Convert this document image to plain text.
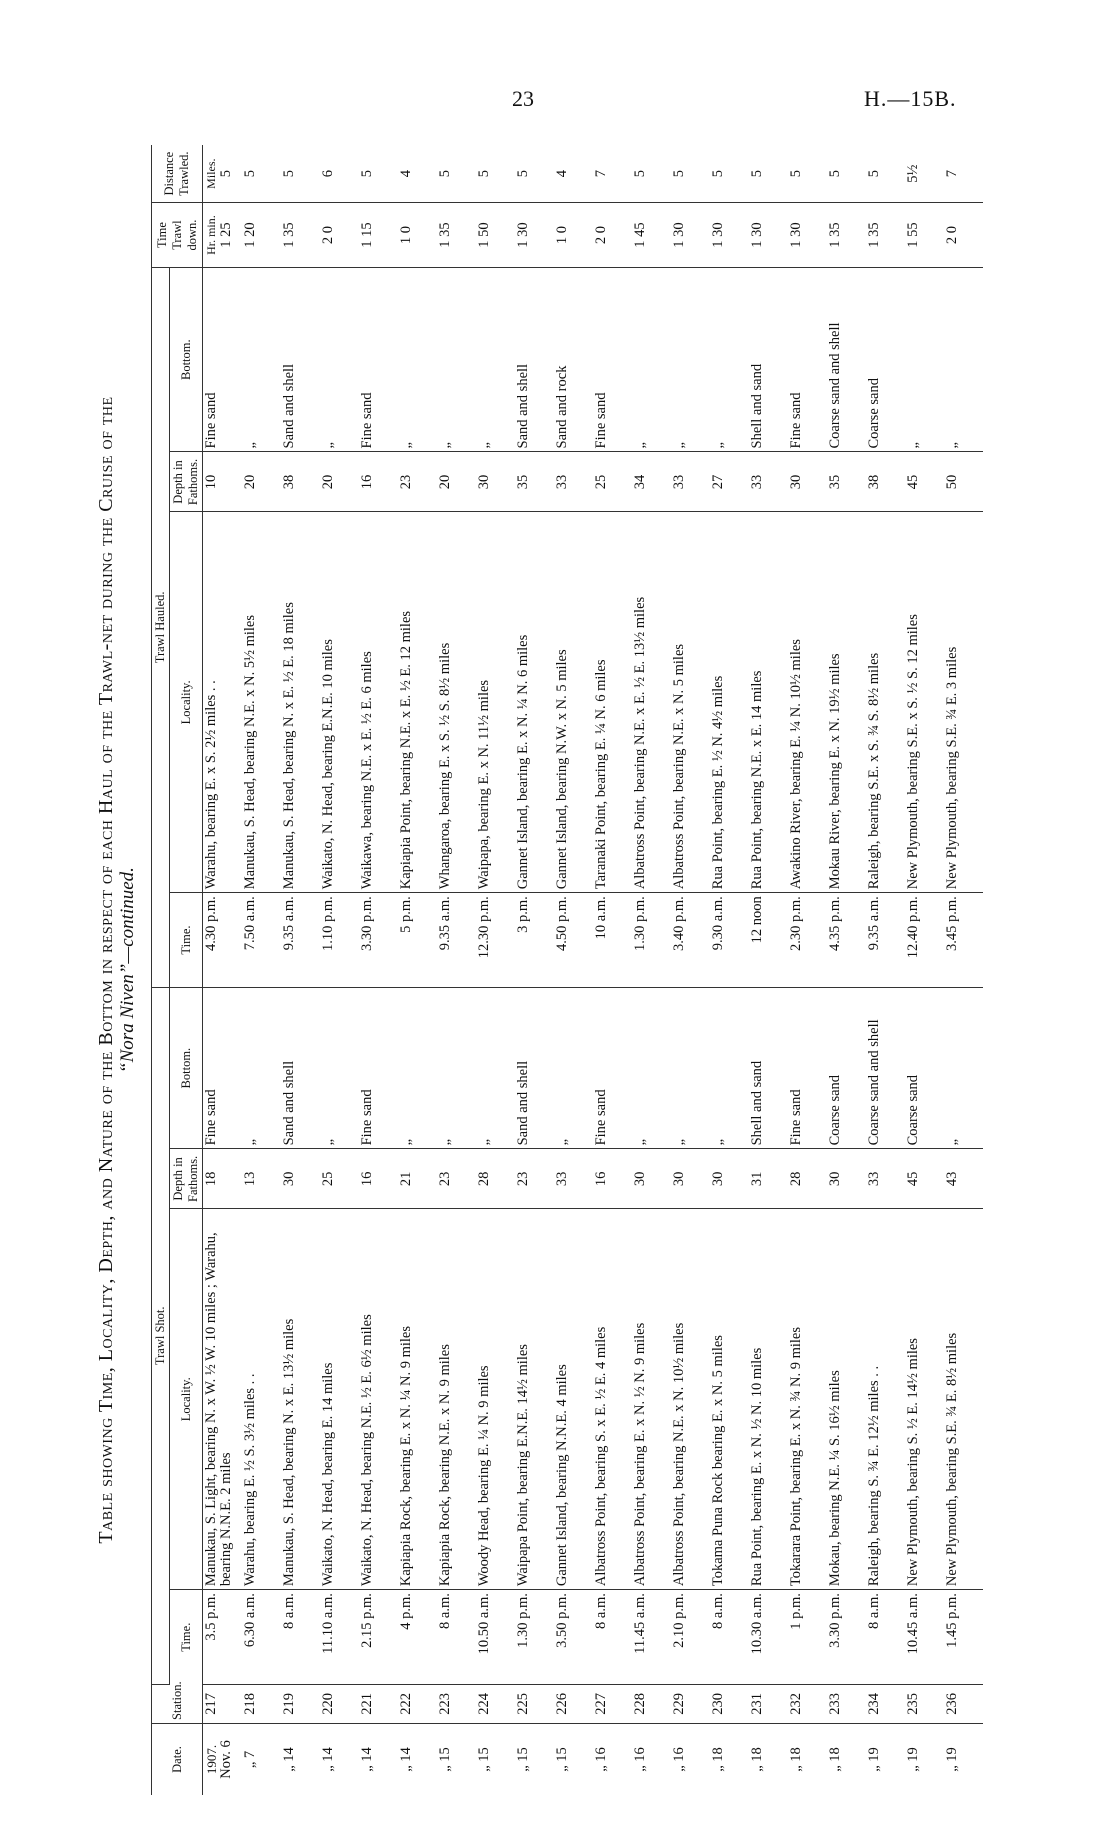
23	H.—15B.
Table showing Time, Locality, Depth, and Nature of the Bottom in respect of each Haul of the Trawl-net during the Cruise of the “Nora Niven”—continued.
Date.	Station.	Trawl Shot.				Trawl Hauled.				Time Trawl down.	Distance Trawled.
		Time.	Locality.	Depth in Fathoms.	Bottom.	Time.	Locality.	Depth in Fathoms.	Bottom.		

1907. Nov. 6	217	3.5 p.m.	Manukau, S. Light, bearing N. x W. ½ W. 10 miles ; Warahu, bearing N.N.E. 2 miles	18	Fine sand	4.30 p.m.	Warahu, bearing E. x S. 2½ miles . .	10	Fine sand	Hr. min. 1 25	Miles. 5
„ 7	218	6.30 a.m.	Warahu, bearing E. ½ S. 3½ miles . .	13	„	7.50 a.m.	Manukau, S. Head, bearing N.E. x N. 5½ miles	20	„	1 20	5
„ 14	219	8 a.m.	Manukau, S. Head, bearing N. x E. 13½ miles	30	Sand and shell	9.35 a.m.	Manukau, S. Head, bearing N. x E. ½ E. 18 miles	38	Sand and shell	1 35	5
„ 14	220	11.10 a.m.	Waikato, N. Head, bearing E. 14 miles	25	„	1.10 p.m.	Waikato, N. Head, bearing E.N.E. 10 miles	20	„	2 0	6
„ 14	221	2.15 p.m.	Waikato, N. Head, bearing N.E. ½ E. 6½ miles	16	Fine sand	3.30 p.m.	Waikawa, bearing N.E. x E. ½ E. 6 miles	16	Fine sand	1 15	5
„ 14	222	4 p.m.	Kapiapia Rock, bearing E. x N. ¼ N. 9 miles	21	„	5 p.m.	Kapiapia Point, bearing N.E. x E. ½ E. 12 miles	23	„	1 0	4
„ 15	223	8 a.m.	Kapiapia Rock, bearing N.E. x N. 9 miles	23	„	9.35 a.m.	Whangaroa, bearing E. x S. ½ S. 8½ miles	20	„	1 35	5
„ 15	224	10.50 a.m.	Woody Head, bearing E. ¼ N. 9 miles	28	„	12.30 p.m.	Waipapa, bearing E. x N. 11½ miles	30	„	1 50	5
„ 15	225	1.30 p.m.	Waipapa Point, bearing E.N.E. 14½ miles	23	Sand and shell	3 p.m.	Gannet Island, bearing E. x N. ¼ N. 6 miles	35	Sand and shell	1 30	5
„ 15	226	3.50 p.m.	Gannet Island, bearing N.N.E. 4 miles	33	„	4.50 p.m.	Gannet Island, bearing N.W. x N. 5 miles	33	Sand and rock	1 0	4
„ 16	227	8 a.m.	Albatross Point, bearing S. x E. ½ E. 4 miles	16	Fine sand	10 a.m.	Taranaki Point, bearing E. ¼ N. 6 miles	25	Fine sand	2 0	7
„ 16	228	11.45 a.m.	Albatross Point, bearing E. x N. ½ N. 9 miles	30	„	1.30 p.m.	Albatross Point, bearing N.E. x E. ½ E. 13½ miles	34	„	1 45	5
„ 16	229	2.10 p.m.	Albatross Point, bearing N.E. x N. 10½ miles	30	„	3.40 p.m.	Albatross Point, bearing N.E. x N. 5 miles	33	„	1 30	5
„ 18	230	8 a.m.	Tokama Puna Rock bearing E. x N. 5 miles	30	„	9.30 a.m.	Rua Point, bearing E. ½ N. 4½ miles	27	„	1 30	5
„ 18	231	10.30 a.m.	Rua Point, bearing E. x N. ½ N. 10 miles	31	Shell and sand	12 noon	Rua Point, bearing N.E. x E. 14 miles	33	Shell and sand	1 30	5
„ 18	232	1 p.m.	Tokarara Point, bearing E. x N. ¾ N. 9 miles	28	Fine sand	2.30 p.m.	Awakino River, bearing E. ¼ N. 10½ miles	30	Fine sand	1 30	5
„ 18	233	3.30 p.m.	Mokau, bearing N.E. ¼ S. 16½ miles	30	Coarse sand	4.35 p.m.	Mokau River, bearing E. x N. 19½ miles	35	Coarse sand and shell	1 35	5
„ 19	234	8 a.m.	Raleigh, bearing S. ¾ E. 12½ miles . .	33	Coarse sand and shell	9.35 a.m.	Raleigh, bearing S.E. x S. ¾ S. 8½ miles	38	Coarse sand	1 35	5
„ 19	235	10.45 a.m.	New Plymouth, bearing S. ½ E. 14½ miles	45	Coarse sand	12.40 p.m.	New Plymouth, bearing S.E. x S. ½ S. 12 miles	45	„	1 55	5½
„ 19	236	1.45 p.m.	New Plymouth, bearing S.E. ¾ E. 8½ miles	43	„	3.45 p.m.	New Plymouth, bearing S.E. ¾ E. 3 miles	50	„	2 0	7
